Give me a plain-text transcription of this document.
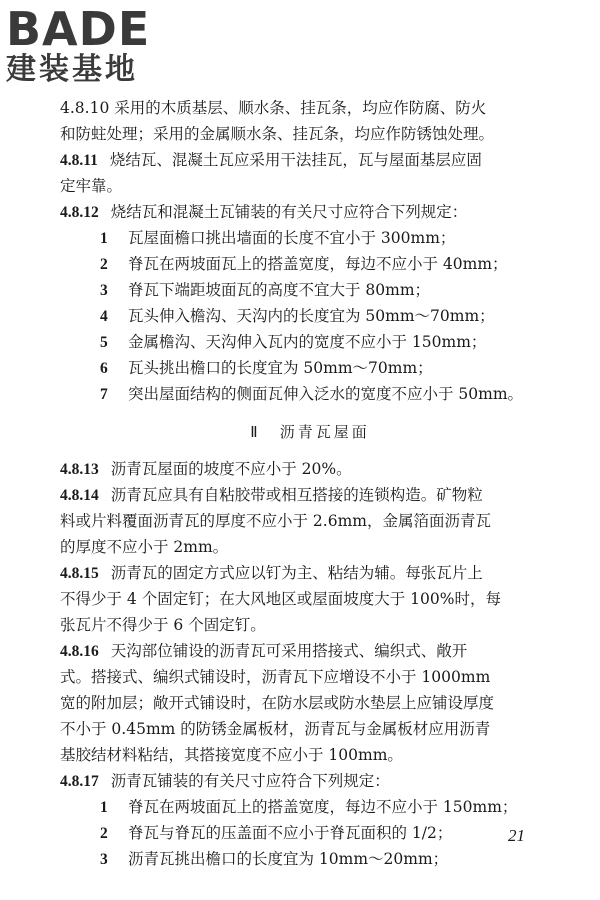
BADE
建装基地
4.8.10 采用的木质基层、顺水条、挂瓦条，均应作防腐、防火
和防蛀处理；采用的金属顺水条、挂瓦条，均应作防锈蚀处理。
4.8.11 烧结瓦、混凝土瓦应采用干法挂瓦，瓦与屋面基层应固
定牢靠。
4.8.12 烧结瓦和混凝土瓦铺装的有关尺寸应符合下列规定：
1 瓦屋面檐口挑出墙面的长度不宜小于 300mm；
2 脊瓦在两坡面瓦上的搭盖宽度，每边不应小于 40mm；
3 脊瓦下端距坡面瓦的高度不宜大于 80mm；
4 瓦头伸入檐沟、天沟内的长度宜为 50mm～70mm；
5 金属檐沟、天沟伸入瓦内的宽度不应小于 150mm；
6 瓦头挑出檐口的长度宜为 50mm～70mm；
7 突出屋面结构的侧面瓦伸入泛水的宽度不应小于 50mm。
Ⅱ 沥青瓦屋面
4.8.13 沥青瓦屋面的坡度不应小于 20%。
4.8.14 沥青瓦应具有自粘胶带或相互搭接的连锁构造。矿物粒
料或片料覆面沥青瓦的厚度不应小于 2.6mm，金属箔面沥青瓦
的厚度不应小于 2mm。
4.8.15 沥青瓦的固定方式应以钉为主、粘结为辅。每张瓦片上
不得少于 4 个固定钉；在大风地区或屋面坡度大于 100%时，每
张瓦片不得少于 6 个固定钉。
4.8.16 天沟部位铺设的沥青瓦可采用搭接式、编织式、敞开
式。搭接式、编织式铺设时，沥青瓦下应增设不小于 1000mm
宽的附加层；敞开式铺设时，在防水层或防水垫层上应铺设厚度
不小于 0.45mm 的防锈金属板材，沥青瓦与金属板材应用沥青
基胶结材料粘结，其搭接宽度不应小于 100mm。
4.8.17 沥青瓦铺装的有关尺寸应符合下列规定：
1 脊瓦在两坡面瓦上的搭盖宽度，每边不应小于 150mm；
2 脊瓦与脊瓦的压盖面不应小于脊瓦面积的 1/2；
3 沥青瓦挑出檐口的长度宜为 10mm～20mm；
21
